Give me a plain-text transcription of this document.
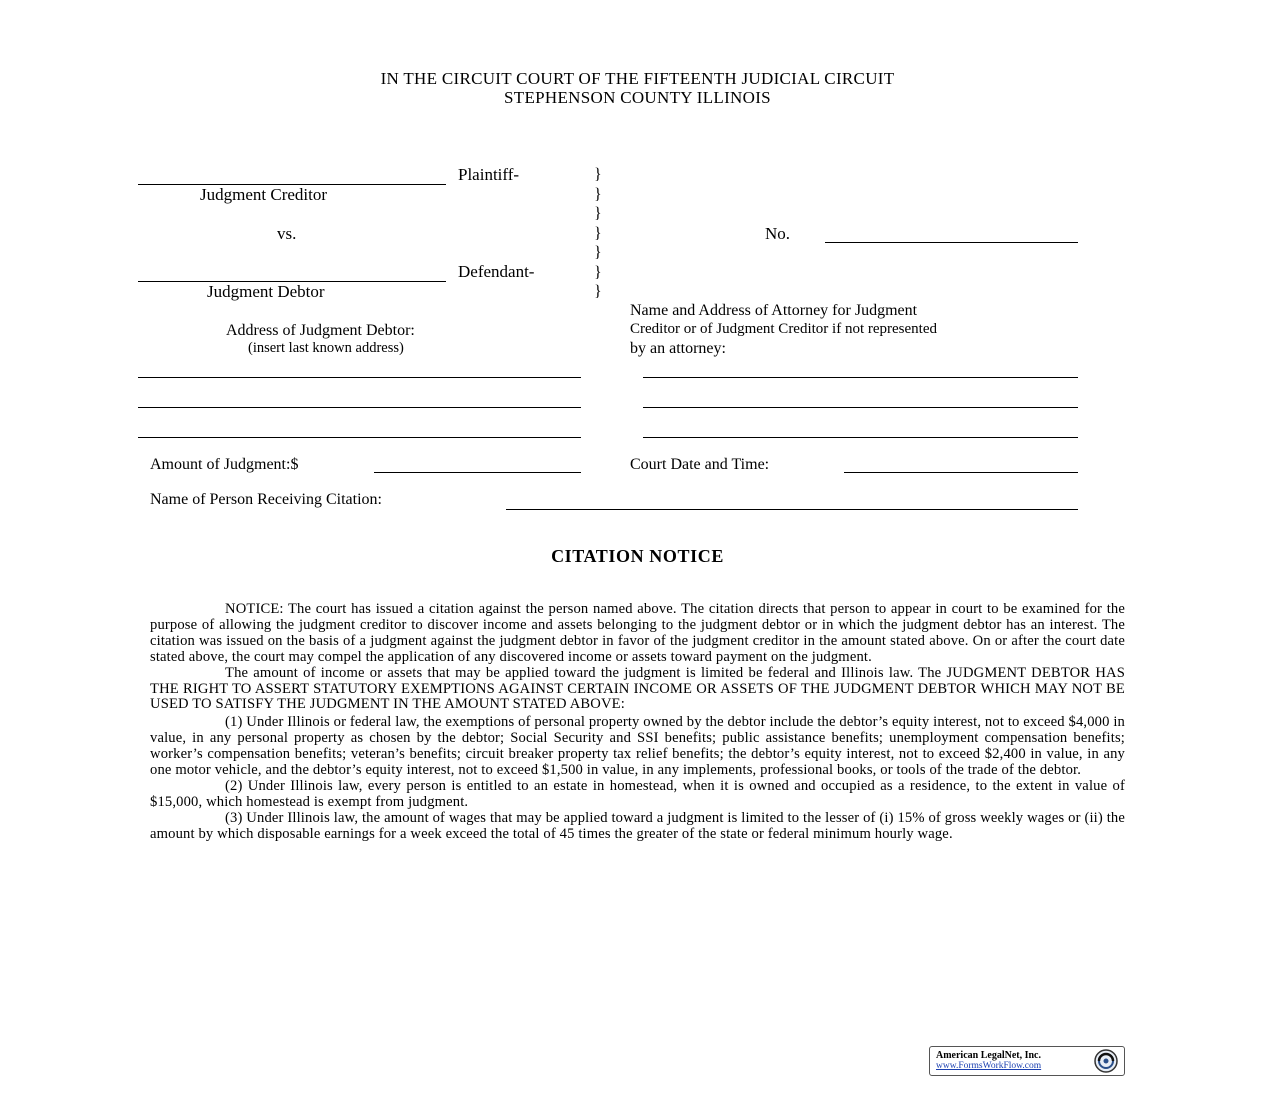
IN THE CIRCUIT COURT OF THE FIFTEENTH JUDICIAL CIRCUIT
STEPHENSON COUNTY ILLINOIS
Plaintiff-
Judgment Creditor
vs.
Defendant-
Judgment Debtor
}
}
}
}
}
}
}
No.
Address of Judgment Debtor:
(insert last known address)
Name and Address of Attorney for Judgment
Creditor or of Judgment Creditor if not represented
by an attorney:
Amount of Judgment:$	Court Date and Time:
Name of Person Receiving Citation:
CITATION NOTICE

NOTICE: The court has issued a citation against the person named above. The citation directs that person to appear in court to be examined for the purpose of allowing the judgment creditor to discover income and assets belonging to the judgment debtor or in which the judgment debtor has an interest. The citation was issued on the basis of a judgment against the judgment debtor in favor of the judgment creditor in the amount stated above. On or after the court date stated above, the court may compel the application of any discovered income or assets toward payment on the judgment.

The amount of income or assets that may be applied toward the judgment is limited be federal and Illinois law. The JUDGMENT DEBTOR HAS THE RIGHT TO ASSERT STATUTORY EXEMPTIONS AGAINST CERTAIN INCOME OR ASSETS OF THE JUDGMENT DEBTOR WHICH MAY NOT BE USED TO SATISFY THE JUDGMENT IN THE AMOUNT STATED ABOVE:

(1) Under Illinois or federal law, the exemptions of personal property owned by the debtor include the debtor’s equity interest, not to exceed $4,000 in value, in any personal property as chosen by the debtor; Social Security and SSI benefits; public assistance benefits; unemployment compensation benefits; worker’s compensation benefits; veteran’s benefits; circuit breaker property tax relief benefits; the debtor’s equity interest, not to exceed $2,400 in value, in any one motor vehicle, and the debtor’s equity interest, not to exceed $1,500 in value, in any implements, professional books, or tools of the trade of the debtor.

(2) Under Illinois law, every person is entitled to an estate in homestead, when it is owned and occupied as a residence, to the extent in value of $15,000, which homestead is exempt from judgment.

(3) Under Illinois law, the amount of wages that may be applied toward a judgment is limited to the lesser of (i) 15% of gross weekly wages or (ii) the amount by which disposable earnings for a week exceed the total of 45 times the greater of the state or federal minimum hourly wage.

American LegalNet, Inc.
www.FormsWorkFlow.com
